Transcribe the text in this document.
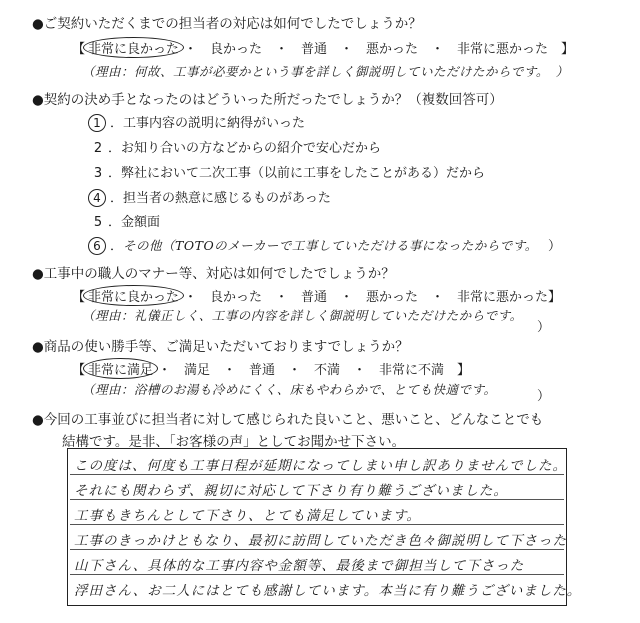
●ご契約いただくまでの担当者の対応は如何でしたでしょうか？
【 非常に良かった ・　良かった　・　普通　・　悪かった　・　非常に悪かった　】
（理由：何故、工事が必要かという事を詳しく御説明していただけたからです。　）
●契約の決め手となったのはどういった所だったでしょうか？（複数回答可）
1 ．工事内容の説明に納得がいった
2 ．お知り合いの方などからの紹介で安心だから
3 ．弊社において二次工事（以前に工事をしたことがある）だから
4 ．担当者の熱意に感じるものがあった
5 ．金額面
6 ．その他（TOTOのメーカーで工事していただける事になったからです。 ）
●工事中の職人のマナー等、対応は如何でしたでしょうか？
【 非常に良かった ・　良かった　・　普通　・　悪かった　・　非常に悪かった】
（理由：礼儀正しく、工事の内容を詳しく御説明していただけたからです。
）
●商品の使い勝手等、ご満足いただいておりますでしょうか？
【 非常に満足 ・　満足　・　普通　・　不満　・　非常に不満　】
（理由：浴槽のお湯も冷めにくく、床もやわらかで、とても快適です。	）
●今回の工事並びに担当者に対して感じられた良いこと、悪いこと、どんなことでも
結構です。是非、「お客様の声」としてお聞かせ下さい。
この度は、何度も工事日程が延期になってしまい申し訳ありませんでした。
それにも関わらず、親切に対応して下さり有り難うございました。
工事もきちんとして下さり、とても満足しています。
工事のきっかけともなり、最初に訪問していただき色々御説明して下さった
山下さん、具体的な工事内容や金額等、最後まで御担当して下さった
浮田さん、お二人にはとても感謝しています。本当に有り難うございました。
